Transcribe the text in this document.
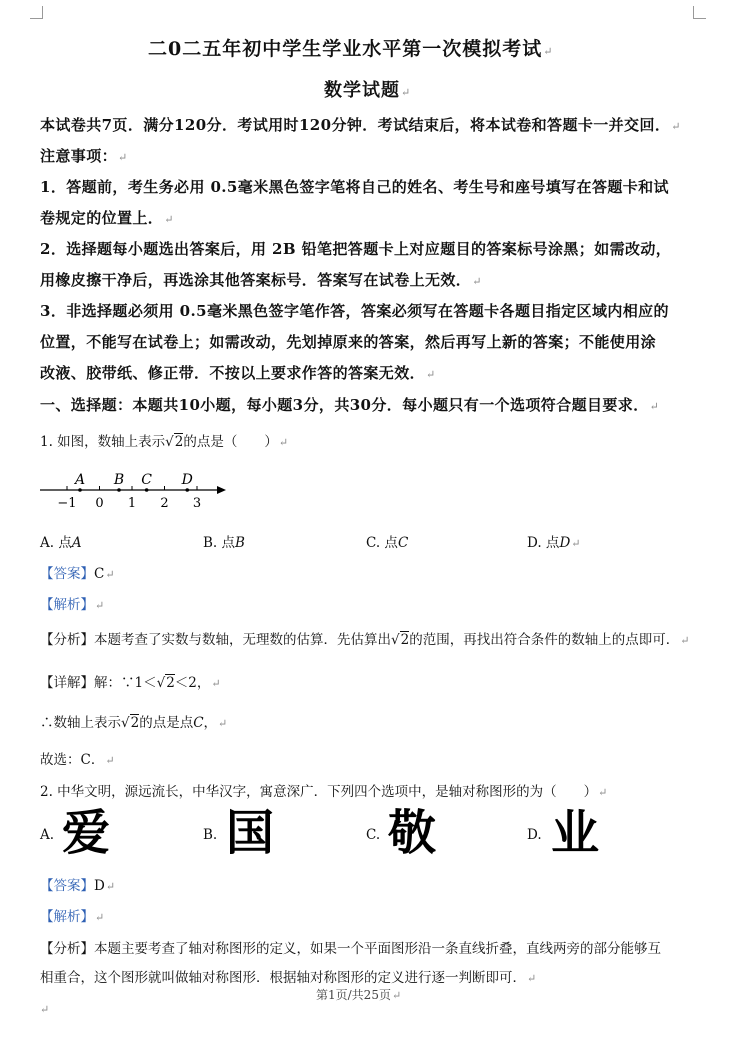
二0二五年初中学生学业水平第一次模拟考试↵
数学试题↵
本试卷共7页．满分120分．考试用时120分钟．考试结束后，将本试卷和答题卡一并交回．↵
注意事项：↵
1．答题前，考生务必用 0.5毫米黑色签字笔将自己的姓名、考生号和座号填写在答题卡和试
卷规定的位置上．↵
2．选择题每小题选出答案后，用 2B 铅笔把答题卡上对应题目的答案标号涂黑；如需改动，
用橡皮擦干净后，再选涂其他答案标号．答案写在试卷上无效．↵
3．非选择题必须用 0.5毫米黑色签字笔作答，答案必须写在答题卡各题目指定区域内相应的
位置，不能写在试卷上；如需改动，先划掉原来的答案，然后再写上新的答案；不能使用涂
改液、胶带纸、修正带．不按以上要求作答的答案无效．↵
一、选择题：本题共10小题，每小题3分，共30分．每小题只有一个选项符合题目要求．↵
1. 如图，数轴上表示√2的点是（　　）↵
−1 0 1 2 3
A B C D
A. 点A	B. 点B	C. 点C	D. 点D↵
【答案】C↵
【解析】↵
【分析】本题考查了实数与数轴，无理数的估算．先估算出√2的范围，再找出符合条件的数轴上的点即可．↵
【详解】解：∵1＜√2＜2，↵
∴数轴上表示√2的点是点C，↵
故选：C．↵
2. 中华文明，源远流长，中华汉字，寓意深广．下列四个选项中，是轴对称图形的为（　　）↵
A. 爱	B. 国	C. 敬	D. 业
【答案】D↵
【解析】↵
【分析】本题主要考查了轴对称图形的定义，如果一个平面图形沿一条直线折叠，直线两旁的部分能够互
相重合，这个图形就叫做轴对称图形．根据轴对称图形的定义进行逐一判断即可．↵
第1页/共25页↵
↵
